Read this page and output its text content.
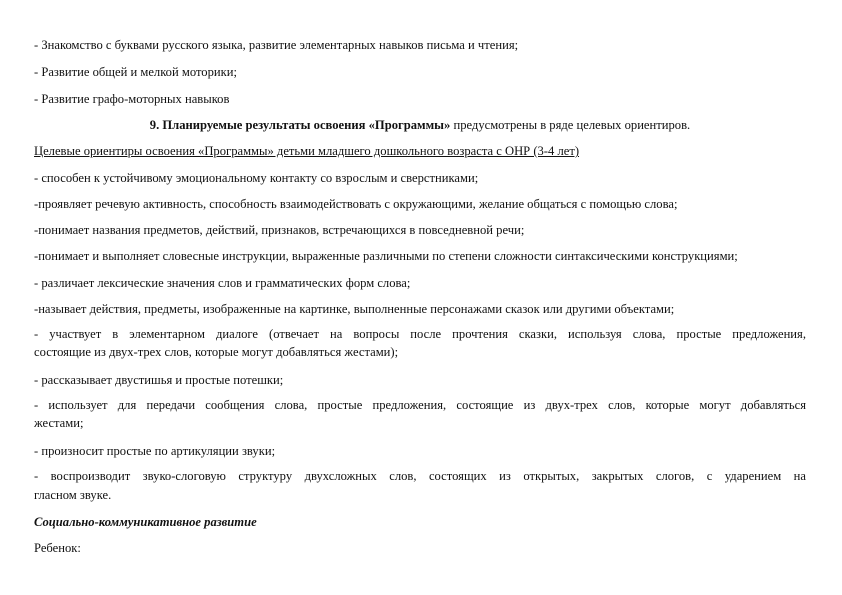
- Знакомство с буквами русского языка, развитие элементарных навыков письма и чтения;
- Развитие общей и мелкой моторики;
- Развитие графо-моторных навыков
9. Планируемые результаты освоения «Программы» предусмотрены в ряде целевых ориентиров.
Целевые ориентиры освоения «Программы» детьми младшего дошкольного возраста с ОНР (3-4 лет)
- способен к устойчивому эмоциональному контакту со взрослым и сверстниками;
-проявляет речевую активность, способность взаимодействовать с окружающими, желание общаться с помощью слова;
-понимает названия предметов, действий, признаков, встречающихся в повседневной речи;
-понимает и выполняет словесные инструкции, выраженные различными по степени сложности синтаксическими конструкциями;
- различает лексические значения слов и грамматических форм слова;
-называет действия, предметы, изображенные на картинке, выполненные персонажами сказок или другими объектами;
- участвует в элементарном диалоге (отвечает на вопросы после прочтения сказки, используя слова, простые предложения,
состоящие из двух-трех слов, которые могут добавляться жестами);
- рассказывает двустишья и простые потешки;
- использует для передачи сообщения слова, простые предложения, состоящие из двух-трех слов, которые могут добавляться
жестами;
- произносит простые по артикуляции звуки;
- воспроизводит звуко-слоговую структуру двухсложных слов, состоящих из открытых, закрытых слогов, с ударением на
гласном звуке.
Социально-коммуникативное развитие
Ребенок:
